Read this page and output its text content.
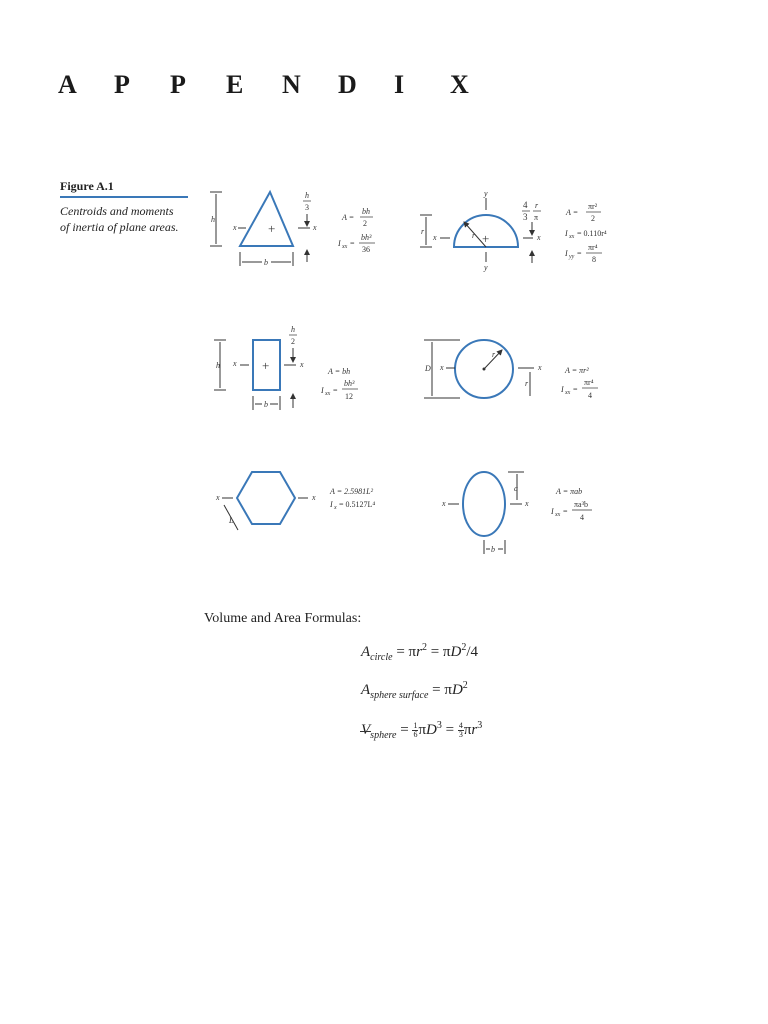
A P P E N D I X
Figure A.1
Centroids and moments
of inertia of plane areas.	+
h
x	x
h
3
b
A =
bh
2
I xx =
bh³
36
+
y
y
x	x
r	r
4
3
r
π
A =
πr²
2
I xx = 0.110r⁴
I yy =
πr⁴
8
+
h x	x
h
2
b
A = bh
I xx =
bh³
12
r
D x	x
r
A = πr²
I xx =
πr⁴
4
x	x
L
A = 2.5981L²
I x = 0.5127L⁴	x	x
a
b
A = πab
I xx =
πa³b
4
Volume and Area Formulas:
$A_{circle} = \pi r^2 = \pi D^2/4$
$A_{sphere surface} = \pi D^2$
$V_{sphere} = \frac{1}{6} \pi D^3 = \frac{4}{3} \pi r^3$
